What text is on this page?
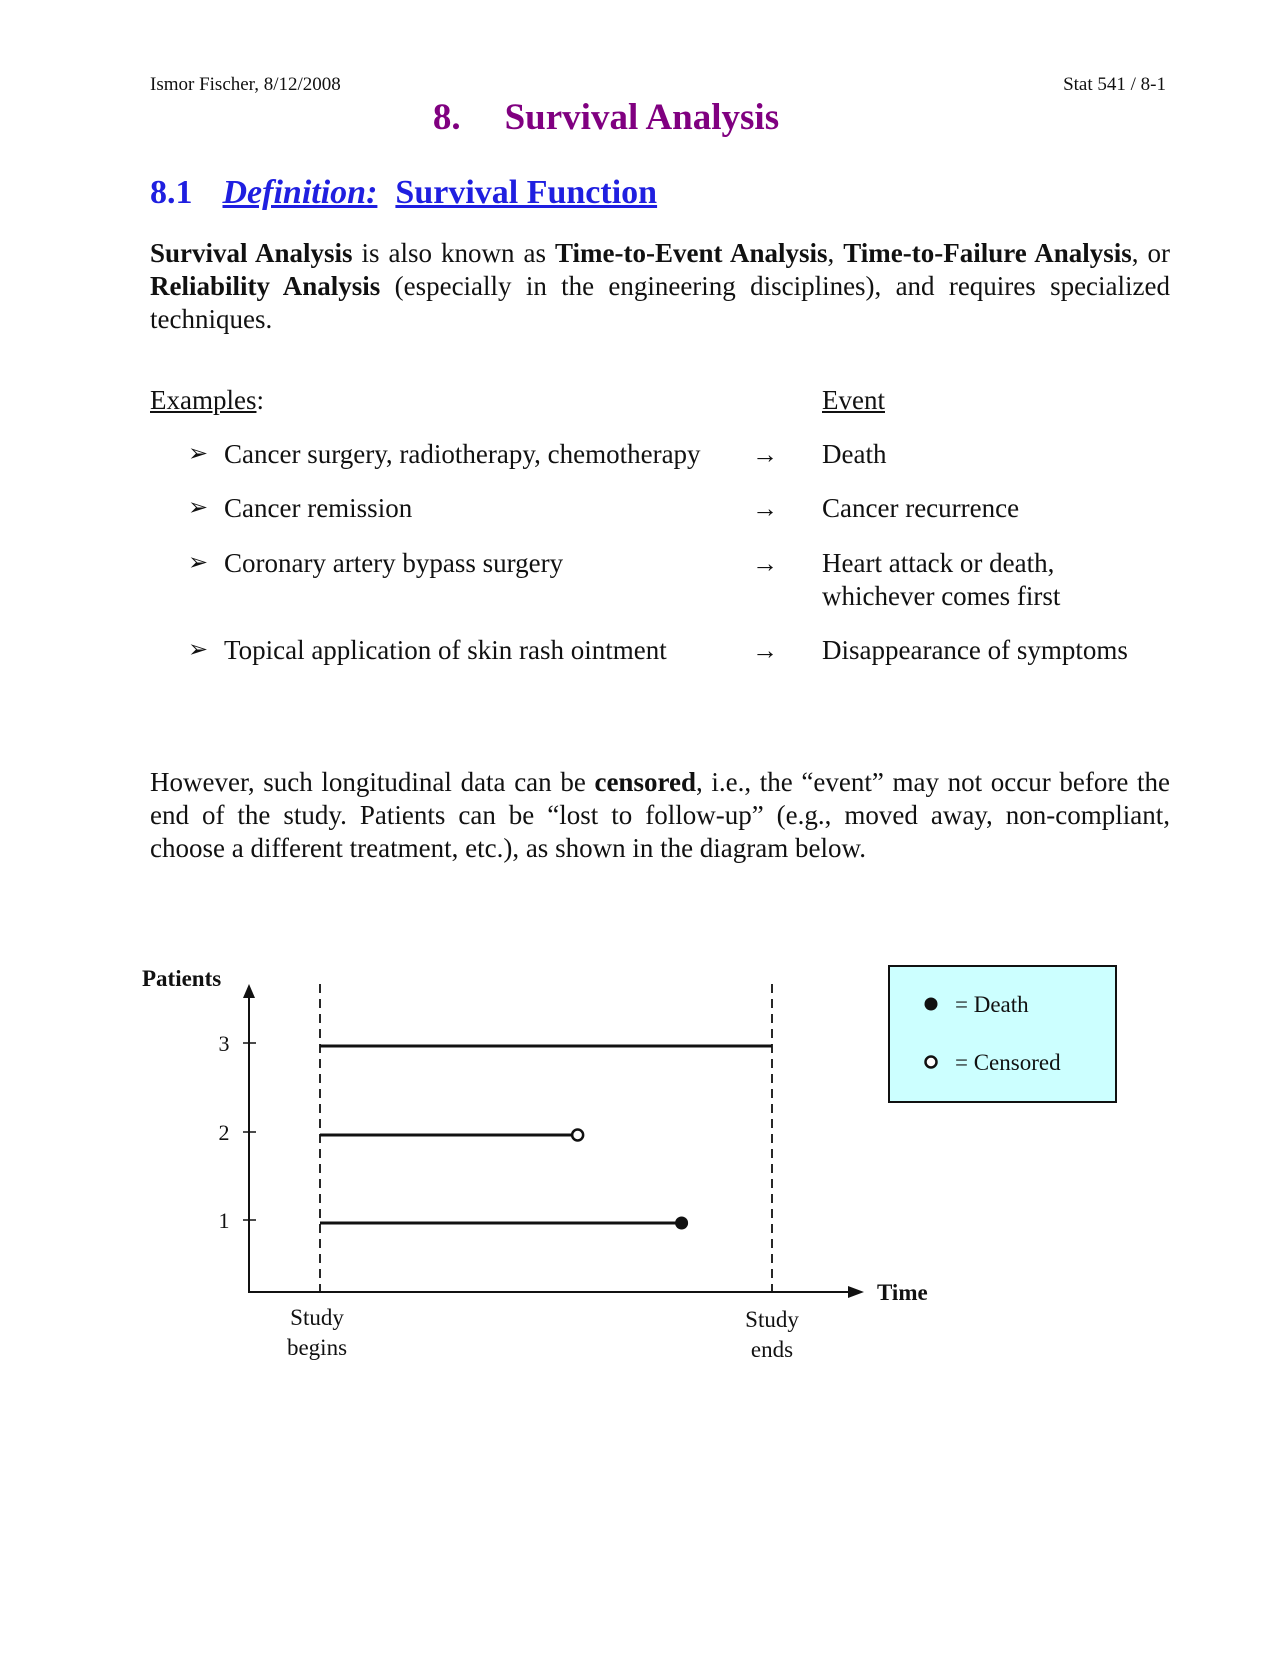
Ismor Fischer, 8/12/2008	Stat 541 / 8-1
8. Survival Analysis
8.1 Definition: Survival Function
Survival Analysis is also known as Time-to-Event Analysis, Time-to-Failure Analysis, or Reliability Analysis (especially in the engineering disciplines), and requires specialized techniques.
Examples:	Event
➢ Cancer surgery, radiotherapy, chemotherapy → Death
➢ Cancer remission	→ Cancer recurrence
➢ Coronary artery bypass surgery	→ Heart attack or death, whichever comes first
➢ Topical application of skin rash ointment	→ Disappearance of symptoms
However, such longitudinal data can be censored, i.e., the “event” may not occur before the end of the study. Patients can be “lost to follow-up” (e.g., moved away, non-compliant, choose a different treatment, etc.), as shown in the diagram below.
Patients
Time
3
2
1
Study
begins
Study
ends
= Death
= Censored
